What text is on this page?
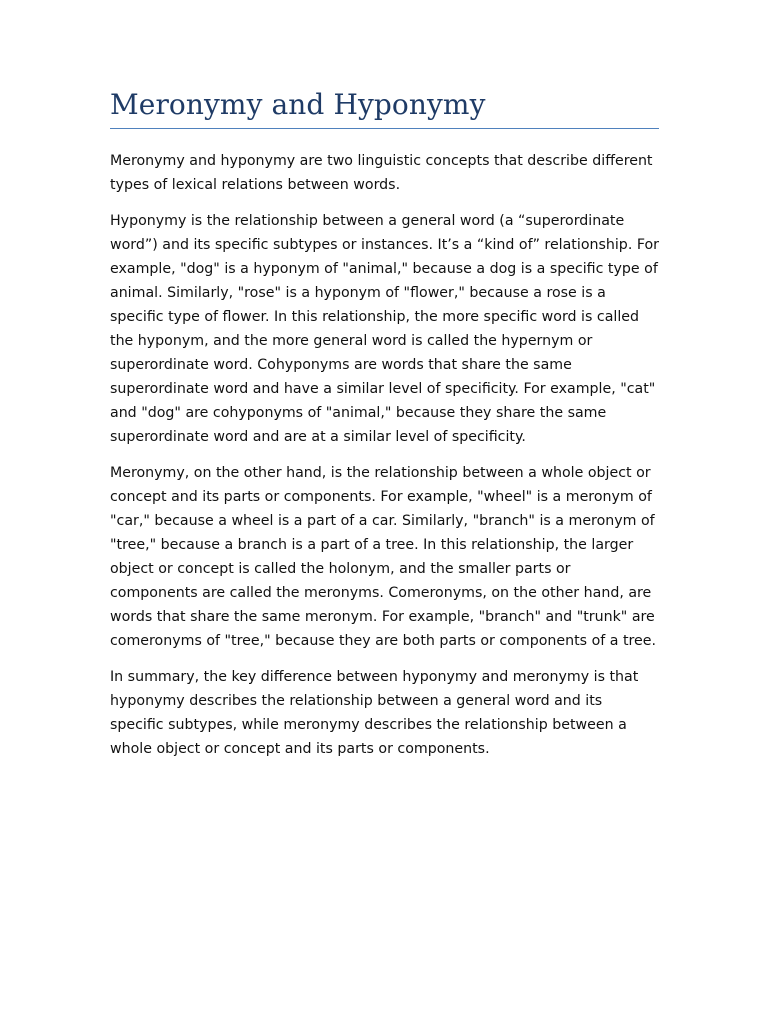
Meronymy and Hyponymy

Meronymy and hyponymy are two linguistic concepts that describe different types of lexical relations between words.

Hyponymy is the relationship between a general word (a “superordinate word”) and its specific subtypes or instances. It’s a “kind of” relationship. For example, "dog" is a hyponym of "animal," because a dog is a specific type of animal. Similarly, "rose" is a hyponym of "flower," because a rose is a specific type of flower. In this relationship, the more specific word is called the hyponym, and the more general word is called the hypernym or superordinate word. Cohyponyms are words that share the same superordinate word and have a similar level of specificity. For example, "cat" and "dog" are cohyponyms of "animal," because they share the same superordinate word and are at a similar level of specificity.

Meronymy, on the other hand, is the relationship between a whole object or concept and its parts or components. For example, "wheel" is a meronym of "car," because a wheel is a part of a car. Similarly, "branch" is a meronym of "tree," because a branch is a part of a tree. In this relationship, the larger object or concept is called the holonym, and the smaller parts or components are called the meronyms. Comeronyms, on the other hand, are words that share the same meronym. For example, "branch" and "trunk" are comeronyms of "tree," because they are both parts or components of a tree.

In summary, the key difference between hyponymy and meronymy is that hyponymy describes the relationship between a general word and its specific subtypes, while meronymy describes the relationship between a whole object or concept and its parts or components.
